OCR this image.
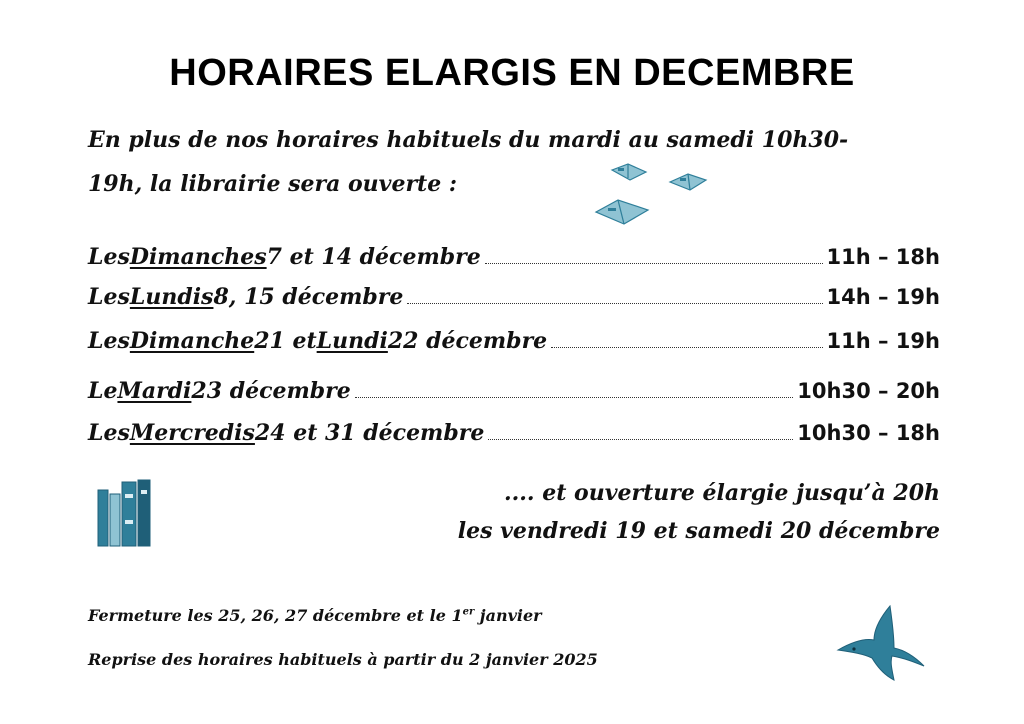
HORAIRES ELARGIS EN DECEMBRE
En plus de nos horaires habituels du mardi au samedi 10h30-
19h, la librairie sera ouverte :
Les Dimanches 7 et 14 décembre	11h – 18h
Les Lundis 8, 15 décembre	14h – 19h
Les Dimanche 21 et Lundi 22 décembre	11h – 19h
Le Mardi 23 décembre	10h30 – 20h
Les Mercredis 24 et 31 décembre	10h30 – 18h
.... et ouverture élargie jusqu’à 20h
les vendredi 19 et samedi 20 décembre
Fermeture les 25, 26, 27 décembre et le 1er janvier
Reprise des horaires habituels à partir du 2 janvier 2025
